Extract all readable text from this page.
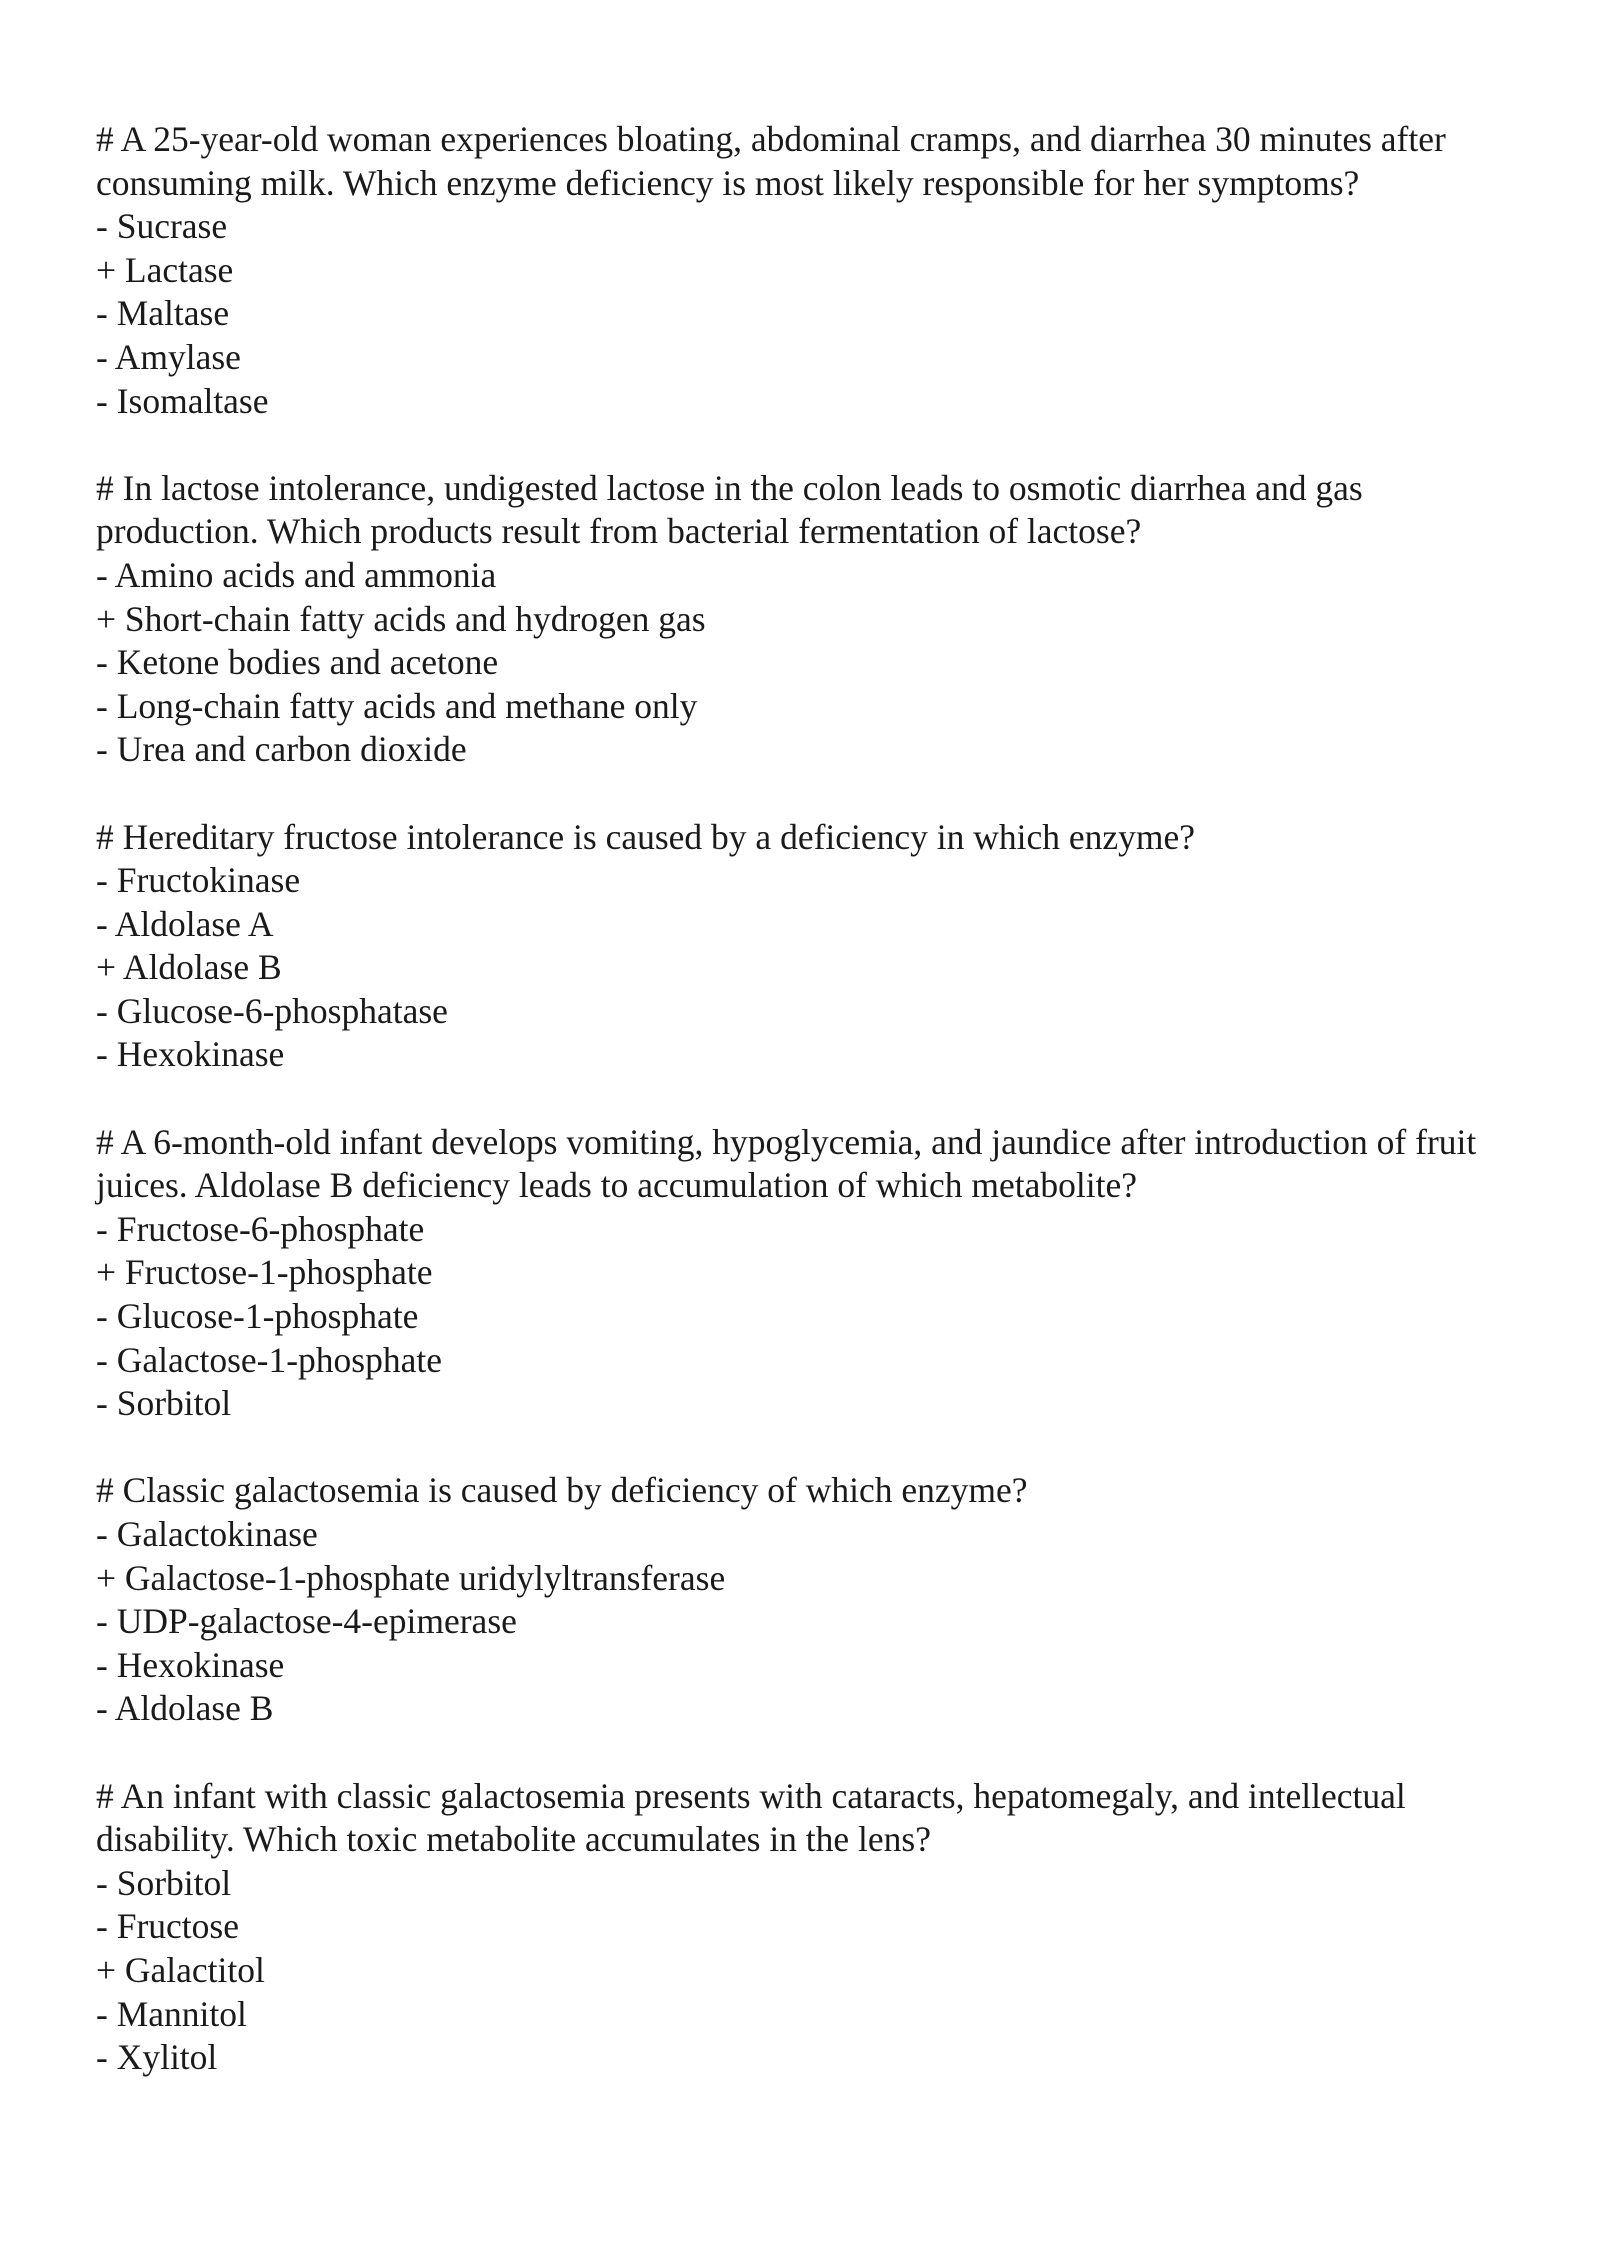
# A 25-year-old woman experiences bloating, abdominal cramps, and diarrhea 30 minutes after consuming milk. Which enzyme deficiency is most likely responsible for her symptoms?

- Sucrase
+ Lactase
- Maltase
- Amylase
- Isomaltase

# In lactose intolerance, undigested lactose in the colon leads to osmotic diarrhea and gas production. Which products result from bacterial fermentation of lactose?

- Amino acids and ammonia
+ Short-chain fatty acids and hydrogen gas
- Ketone bodies and acetone
- Long-chain fatty acids and methane only
- Urea and carbon dioxide

# Hereditary fructose intolerance is caused by a deficiency in which enzyme?

- Fructokinase
- Aldolase A
+ Aldolase B
- Glucose-6-phosphatase
- Hexokinase

# A 6-month-old infant develops vomiting, hypoglycemia, and jaundice after introduction of fruit juices. Aldolase B deficiency leads to accumulation of which metabolite?

- Fructose-6-phosphate
+ Fructose-1-phosphate
- Glucose-1-phosphate
- Galactose-1-phosphate
- Sorbitol

# Classic galactosemia is caused by deficiency of which enzyme?

- Galactokinase
+ Galactose-1-phosphate uridylyltransferase
- UDP-galactose-4-epimerase
- Hexokinase
- Aldolase B

# An infant with classic galactosemia presents with cataracts, hepatomegaly, and intellectual disability. Which toxic metabolite accumulates in the lens?

- Sorbitol
- Fructose
+ Galactitol
- Mannitol
- Xylitol
